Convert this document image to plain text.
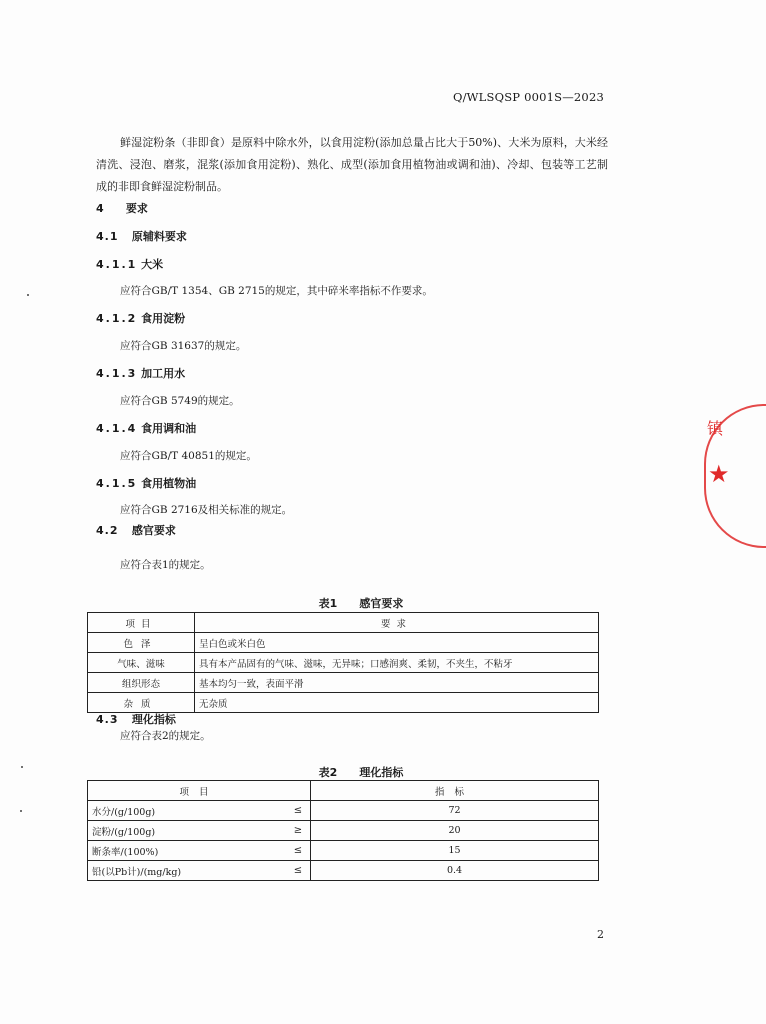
Q/WLSQSP 0001S—2023
鲜湿淀粉条（非即食）是原料中除水外，以食用淀粉(添加总量占比大于50%)、大米为原料，大米经清洗、浸泡、磨浆，混浆(添加食用淀粉)、熟化、成型(添加食用植物油或调和油)、冷却、包装等工艺制成的非即食鲜湿淀粉制品。
4 要求
4.1 原辅料要求
4.1.1 大米
应符合GB/T 1354、GB 2715的规定，其中碎米率指标不作要求。
4.1.2 食用淀粉
应符合GB 31637的规定。
4.1.3 加工用水
应符合GB 5749的规定。
4.1.4 食用调和油
应符合GB/T 40851的规定。
4.1.5 食用植物油
应符合GB 2716及相关标准的规定。
4.2 感官要求
应符合表1的规定。
表1 感官要求
项目	要求
色泽	呈白色或米白色
气味、滋味	具有本产品固有的气味、滋味，无异味；口感润爽、柔韧，不夹生，不粘牙
组织形态	基本均匀一致，表面平滑
杂质	无杂质
4.3 理化指标
应符合表2的规定。
表2 理化指标
项目		指标
水分/(g/100g)	≤	72
淀粉/(g/100g)	≥	20
断条率/(100%)	≤	15
铅(以Pb计)/(mg/kg)	≤	0.4
2
镇
★
